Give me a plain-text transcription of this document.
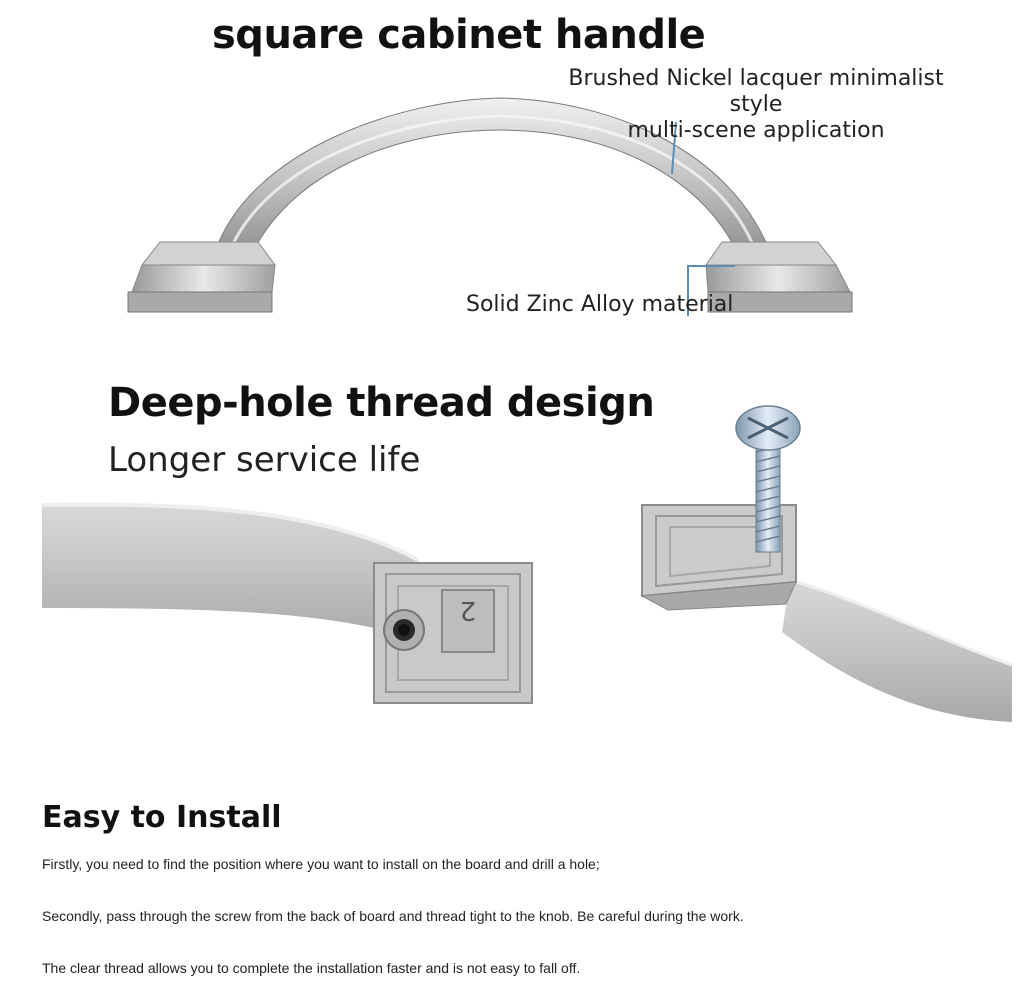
2
square cabinet handle
Brushed Nickel lacquer minimalist style
multi-scene application
Solid Zinc Alloy material
Deep-hole thread design
Longer service life
Easy to Install
Firstly, you need to find the position where you want to install on the board and drill a hole;
Secondly, pass through the screw from the back of board and thread tight to the knob. Be careful during the work.
The clear thread allows you to complete the installation faster and is not easy to fall off.
